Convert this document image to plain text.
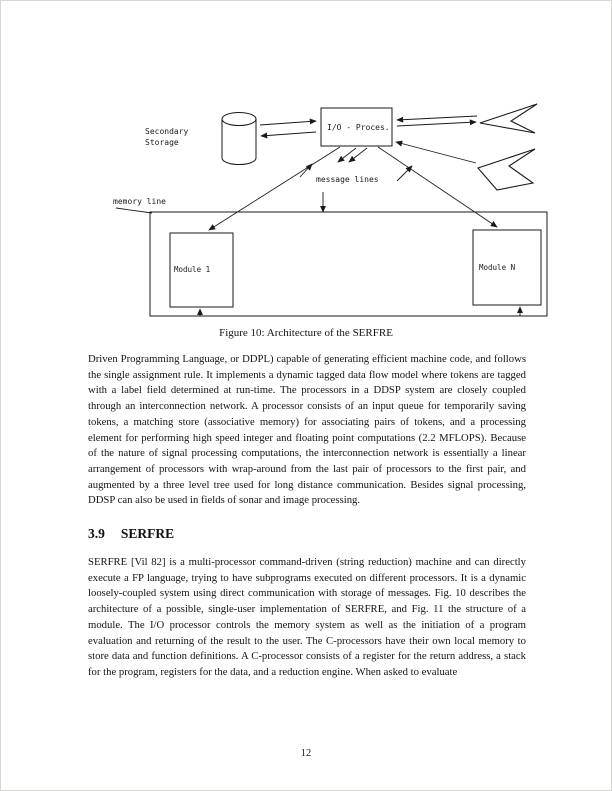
I/O - Proces.
Secondary
Storage
message lines
memory line
Module 1	Module N
Figure 10: Architecture of the SERFRE

Driven Programming Language, or DDPL) capable of generating efficient machine code, and follows the single assignment rule. It implements a dynamic tagged data flow model where tokens are tagged with a label field determined at run-time. The processors in a DDSP system are closely coupled through an interconnection network. A processor consists of an input queue for temporarily saving tokens, a matching store (associative memory) for associating pairs of tokens, and a processing element for performing high speed integer and floating point computations (2.2 MFLOPS). Because of the nature of signal processing computations, the interconnection network is essentially a linear arrangement of processors with wrap-around from the last pair of processors to the first pair, and augmented by a three level tree used for long distance communication. Besides signal processing, DDSP can also be used in fields of sonar and image processing.

3.9 SERFRE

SERFRE [Vil 82] is a multi-processor command-driven (string reduction) machine and can directly execute a FP language, trying to have subprograms executed on different processors. It is a dynamic loosely-coupled system using direct communication with storage of messages. Fig. 10 describes the architecture of a possible, single-user implementation of SERFRE, and Fig. 11 the structure of a module. The I/O processor controls the memory system as well as the initiation of a program evaluation and returning of the result to the user. The C-processors have their own local memory to store data and function definitions. A C-processor consists of a register for the return address, a stack for the program, registers for the data, and a reduction engine. When asked to evaluate

12
